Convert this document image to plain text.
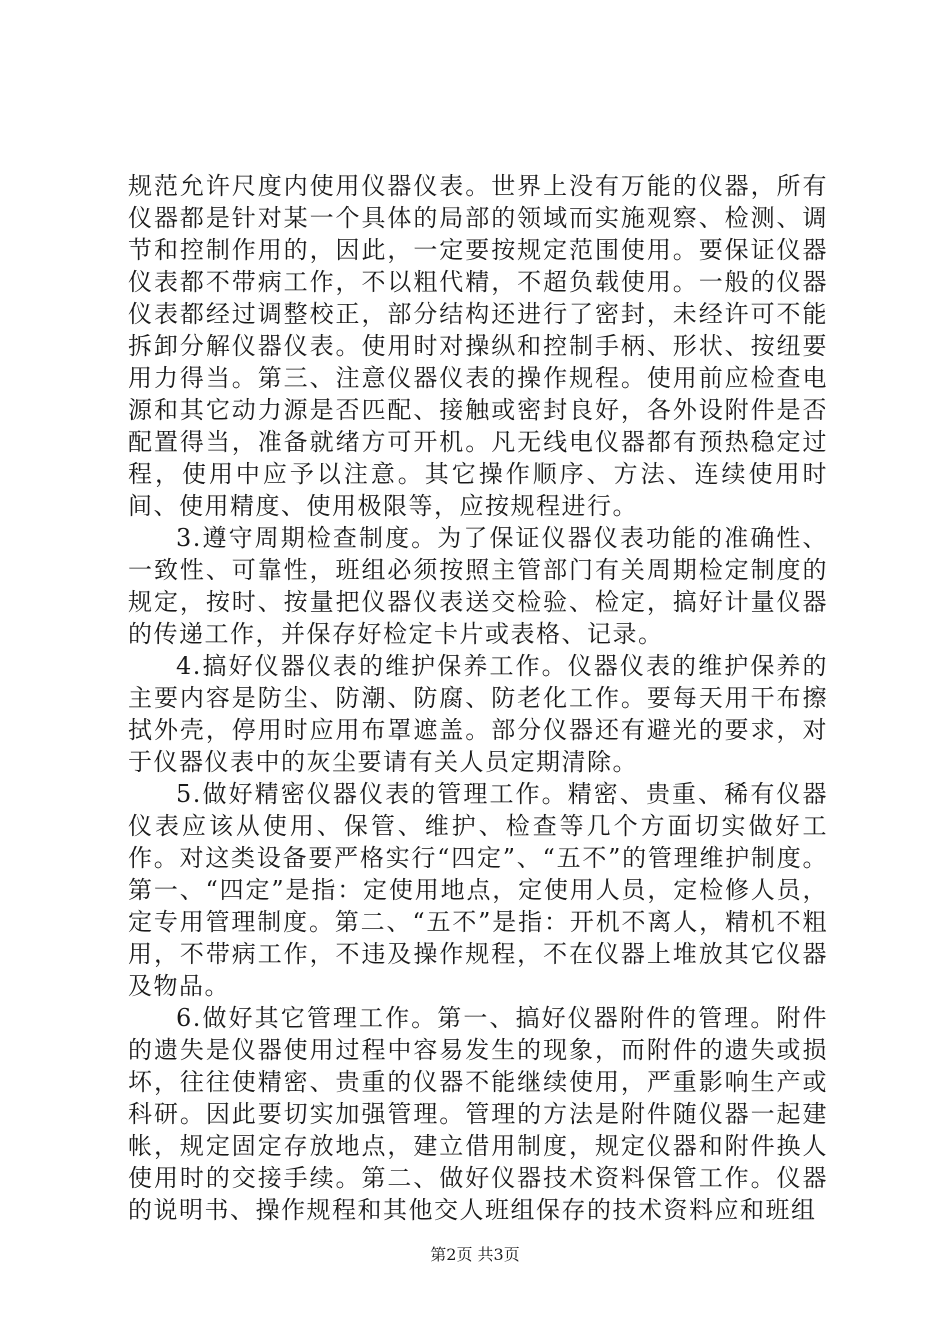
规范允许尺度内使用仪器仪表。世界上没有万能的仪器，所有仪器都是针对某一个具体的局部的领域而实施观察、检测、调节和控制作用的，因此，一定要按规定范围使用。要保证仪器仪表都不带病工作，不以粗代精，不超负载使用。一般的仪器仪表都经过调整校正，部分结构还进行了密封，未经许可不能拆卸分解仪器仪表。使用时对操纵和控制手柄、形状、按纽要用力得当。第三、注意仪器仪表的操作规程。使用前应检查电源和其它动力源是否匹配、接触或密封良好，各外设附件是否配置得当，准备就绪方可开机。凡无线电仪器都有预热稳定过程，使用中应予以注意。其它操作顺序、方法、连续使用时间、使用精度、使用极限等，应按规程进行。

3.遵守周期检查制度。为了保证仪器仪表功能的准确性、一致性、可靠性，班组必须按照主管部门有关周期检定制度的规定，按时、按量把仪器仪表送交检验、检定，搞好计量仪器的传递工作，并保存好检定卡片或表格、记录。

4.搞好仪器仪表的维护保养工作。仪器仪表的维护保养的主要内容是防尘、防潮、防腐、防老化工作。要每天用干布擦拭外壳，停用时应用布罩遮盖。部分仪器还有避光的要求，对于仪器仪表中的灰尘要请有关人员定期清除。

5.做好精密仪器仪表的管理工作。精密、贵重、稀有仪器仪表应该从使用、保管、维护、检查等几个方面切实做好工作。对这类设备要严格实行“四定”、“五不”的管理维护制度。第一、“四定”是指：定使用地点，定使用人员，定检修人员，定专用管理制度。第二、“五不”是指：开机不离人，精机不粗用，不带病工作，不违及操作规程，不在仪器上堆放其它仪器及物品。

6.做好其它管理工作。第一、搞好仪器附件的管理。附件的遗失是仪器使用过程中容易发生的现象，而附件的遗失或损坏，往往使精密、贵重的仪器不能继续使用，严重影响生产或科研。因此要切实加强管理。管理的方法是附件随仪器一起建帐，规定固定存放地点，建立借用制度，规定仪器和附件换人使用时的交接手续。第二、做好仪器技术资料保管工作。仪器的说明书、操作规程和其他交人班组保存的技术资料应和班组

第2页 共3页
